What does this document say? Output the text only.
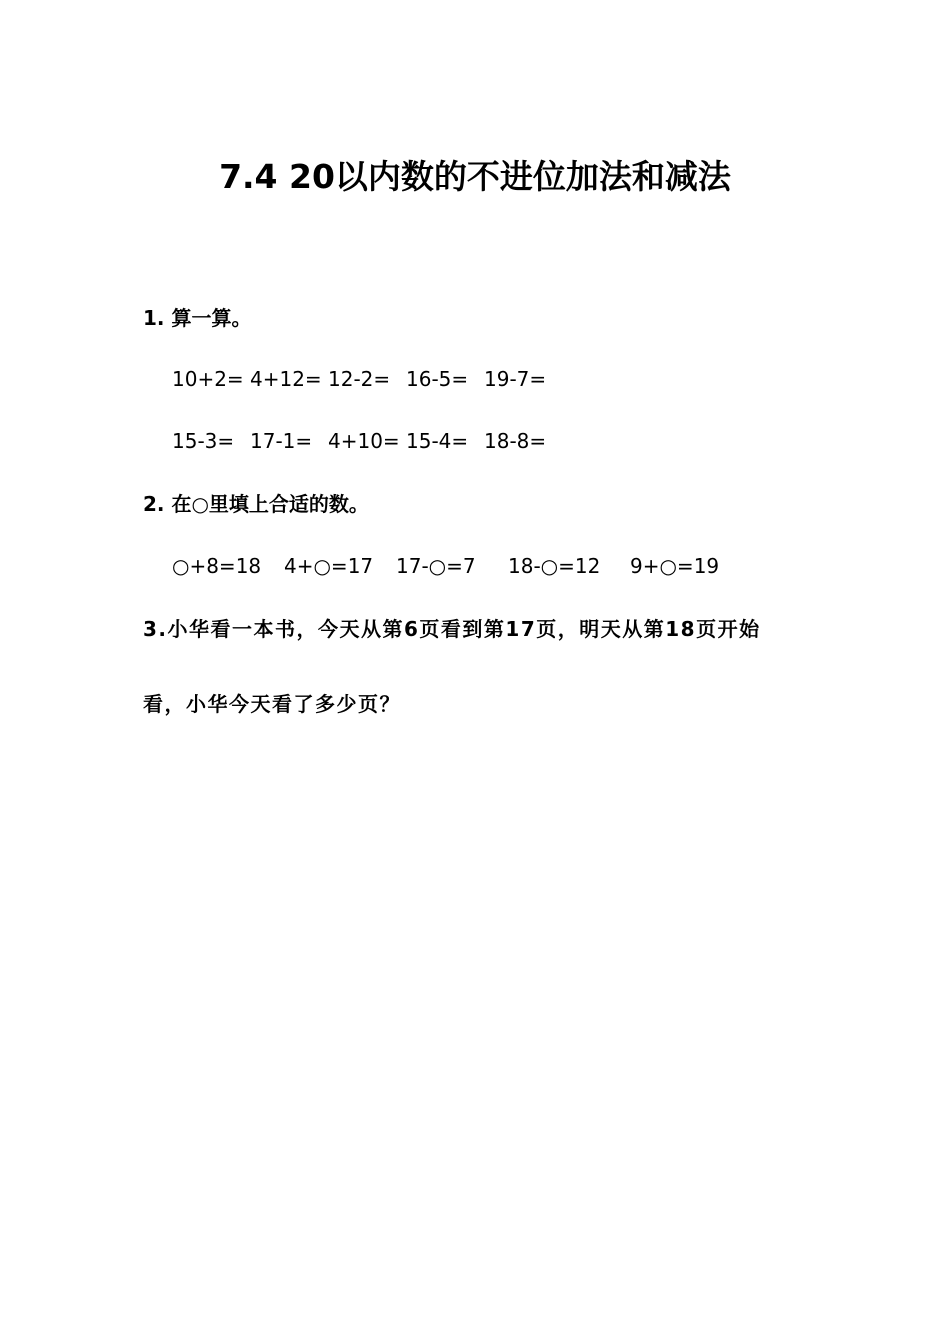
7.4 20以内数的不进位加法和减法
1. 算一算。
10+2= 4+12= 12-2= 16-5= 19-7=
15-3= 17-1= 4+10= 15-4= 18-8=
2. 在○里填上合适的数。
○+8=18	4+○=17	17-○=7	18-○=12	9+○=19
3.小华看一本书，今天从第6页看到第17页，明天从第18页开始
看，小华今天看了多少页？
